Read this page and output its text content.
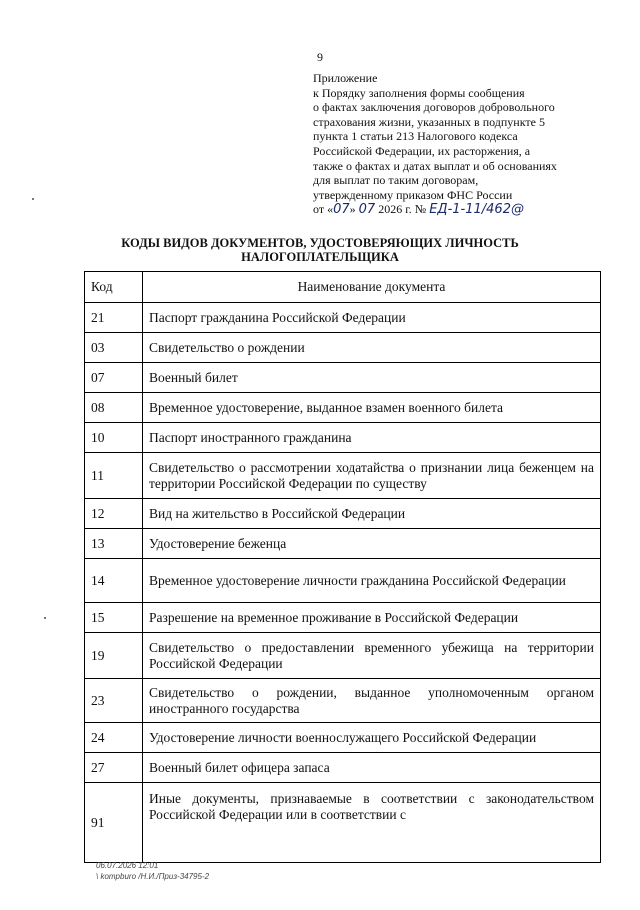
9
Приложение
к Порядку заполнения формы сообщения
о фактах заключения договоров добровольного
страхования жизни, указанных в подпункте 5
пункта 1 статьи 213 Налогового кодекса
Российской Федерации, их расторжения, а
также о фактах и датах выплат и об основаниях
для выплат по таким договорам,
утвержденному приказом ФНС России
от «07» 07 2026 г. № ЕД-1-11/462@
КОДЫ ВИДОВ ДОКУМЕНТОВ, УДОСТОВЕРЯЮЩИХ ЛИЧНОСТЬ НАЛОГОПЛАТЕЛЬЩИКА
Код	Наименование документа
21	Паспорт гражданина Российской Федерации
03	Свидетельство о рождении
07	Военный билет
08	Временное удостоверение, выданное взамен военного билета
10	Паспорт иностранного гражданина
11	Свидетельство о рассмотрении ходатайства о признании лица беженцем на территории Российской Федерации по существу
12	Вид на жительство в Российской Федерации
13	Удостоверение беженца
14	Временное удостоверение личности гражданина Российской Федерации
15	Разрешение на временное проживание в Российской Федерации
19	Свидетельство о предоставлении временного убежища на территории Российской Федерации
23	Свидетельство о рождении, выданное уполномоченным органом иностранного государства
24	Удостоверение личности военнослужащего Российской Федерации
27	Военный билет офицера запаса
91	Иные документы, признаваемые в соответствии с законодательством Российской Федерации или в соответствии с
06.07.2026 12:01
\ kompburo /Н.И./Приз-34795-2
